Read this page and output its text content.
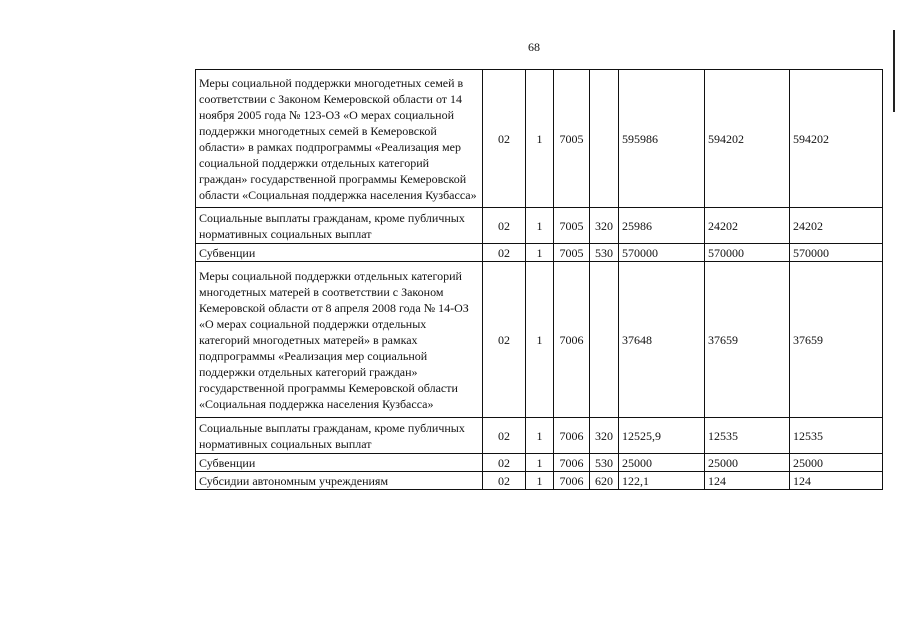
68
Меры социальной поддержки многодетных семей в соответствии с Законом Кемеровской области от 14 ноября 2005 года № 123-ОЗ «О мерах социальной поддержки многодетных семей в Кемеровской области» в рамках подпрограммы «Реализация мер социальной поддержки отдельных категорий граждан» государственной программы Кемеровской области «Социальная поддержка населения Кузбасса»	02	1	7005		595986	594202	594202
Социальные выплаты гражданам, кроме публичных нормативных социальных выплат	02	1	7005	320	25986	24202	24202
Субвенции	02	1	7005	530	570000	570000	570000
Меры социальной поддержки отдельных категорий многодетных матерей в соответствии с Законом Кемеровской области от 8 апреля 2008 года № 14-ОЗ «О мерах социальной поддержки отдельных категорий многодетных матерей» в рамках подпрограммы «Реализация мер социальной поддержки отдельных категорий граждан» государственной программы Кемеровской области «Социальная поддержка населения Кузбасса»	02	1	7006		37648	37659	37659
Социальные выплаты гражданам, кроме публичных нормативных социальных выплат	02	1	7006	320	12525,9	12535	12535
Субвенции	02	1	7006	530	25000	25000	25000
Субсидии автономным учреждениям	02	1	7006	620	122,1	124	124
